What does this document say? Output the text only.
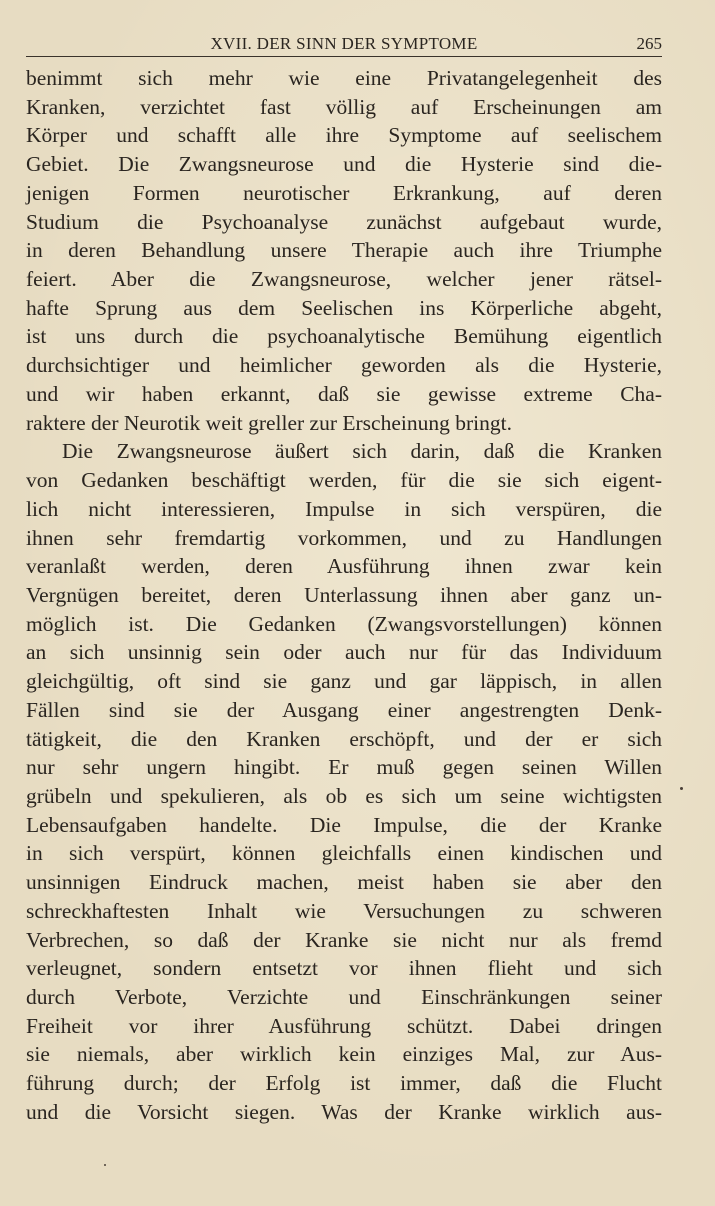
XVII. DER SINN DER SYMPTOME	265
benimmt sich mehr wie eine Privatangelegenheit des
Kranken, verzichtet fast völlig auf Erscheinungen am
Körper und schafft alle ihre Symptome auf seelischem
Gebiet. Die Zwangsneurose und die Hysterie sind die-
jenigen Formen neurotischer Erkrankung, auf deren
Studium die Psychoanalyse zunächst aufgebaut wurde,
in deren Behandlung unsere Therapie auch ihre Triumphe
feiert. Aber die Zwangsneurose, welcher jener rätsel-
hafte Sprung aus dem Seelischen ins Körperliche abgeht,
ist uns durch die psychoanalytische Bemühung eigentlich
durchsichtiger und heimlicher geworden als die Hysterie,
und wir haben erkannt, daß sie gewisse extreme Cha-
raktere der Neurotik weit greller zur Erscheinung bringt.
Die Zwangsneurose äußert sich darin, daß die Kranken
von Gedanken beschäftigt werden, für die sie sich eigent-
lich nicht interessieren, Impulse in sich verspüren, die
ihnen sehr fremdartig vorkommen, und zu Handlungen
veranlaßt werden, deren Ausführung ihnen zwar kein
Vergnügen bereitet, deren Unterlassung ihnen aber ganz un-
möglich ist. Die Gedanken (Zwangsvorstellungen) können
an sich unsinnig sein oder auch nur für das Individuum
gleichgültig, oft sind sie ganz und gar läppisch, in allen
Fällen sind sie der Ausgang einer angestrengten Denk-
tätigkeit, die den Kranken erschöpft, und der er sich
nur sehr ungern hingibt. Er muß gegen seinen Willen
grübeln und spekulieren, als ob es sich um seine wichtigsten
Lebensaufgaben handelte. Die Impulse, die der Kranke
in sich verspürt, können gleichfalls einen kindischen und
unsinnigen Eindruck machen, meist haben sie aber den
schreckhaftesten Inhalt wie Versuchungen zu schweren
Verbrechen, so daß der Kranke sie nicht nur als fremd
verleugnet, sondern entsetzt vor ihnen flieht und sich
durch Verbote, Verzichte und Einschränkungen seiner
Freiheit vor ihrer Ausführung schützt. Dabei dringen
sie niemals, aber wirklich kein einziges Mal, zur Aus-
führung durch; der Erfolg ist immer, daß die Flucht
und die Vorsicht siegen. Was der Kranke wirklich aus-
